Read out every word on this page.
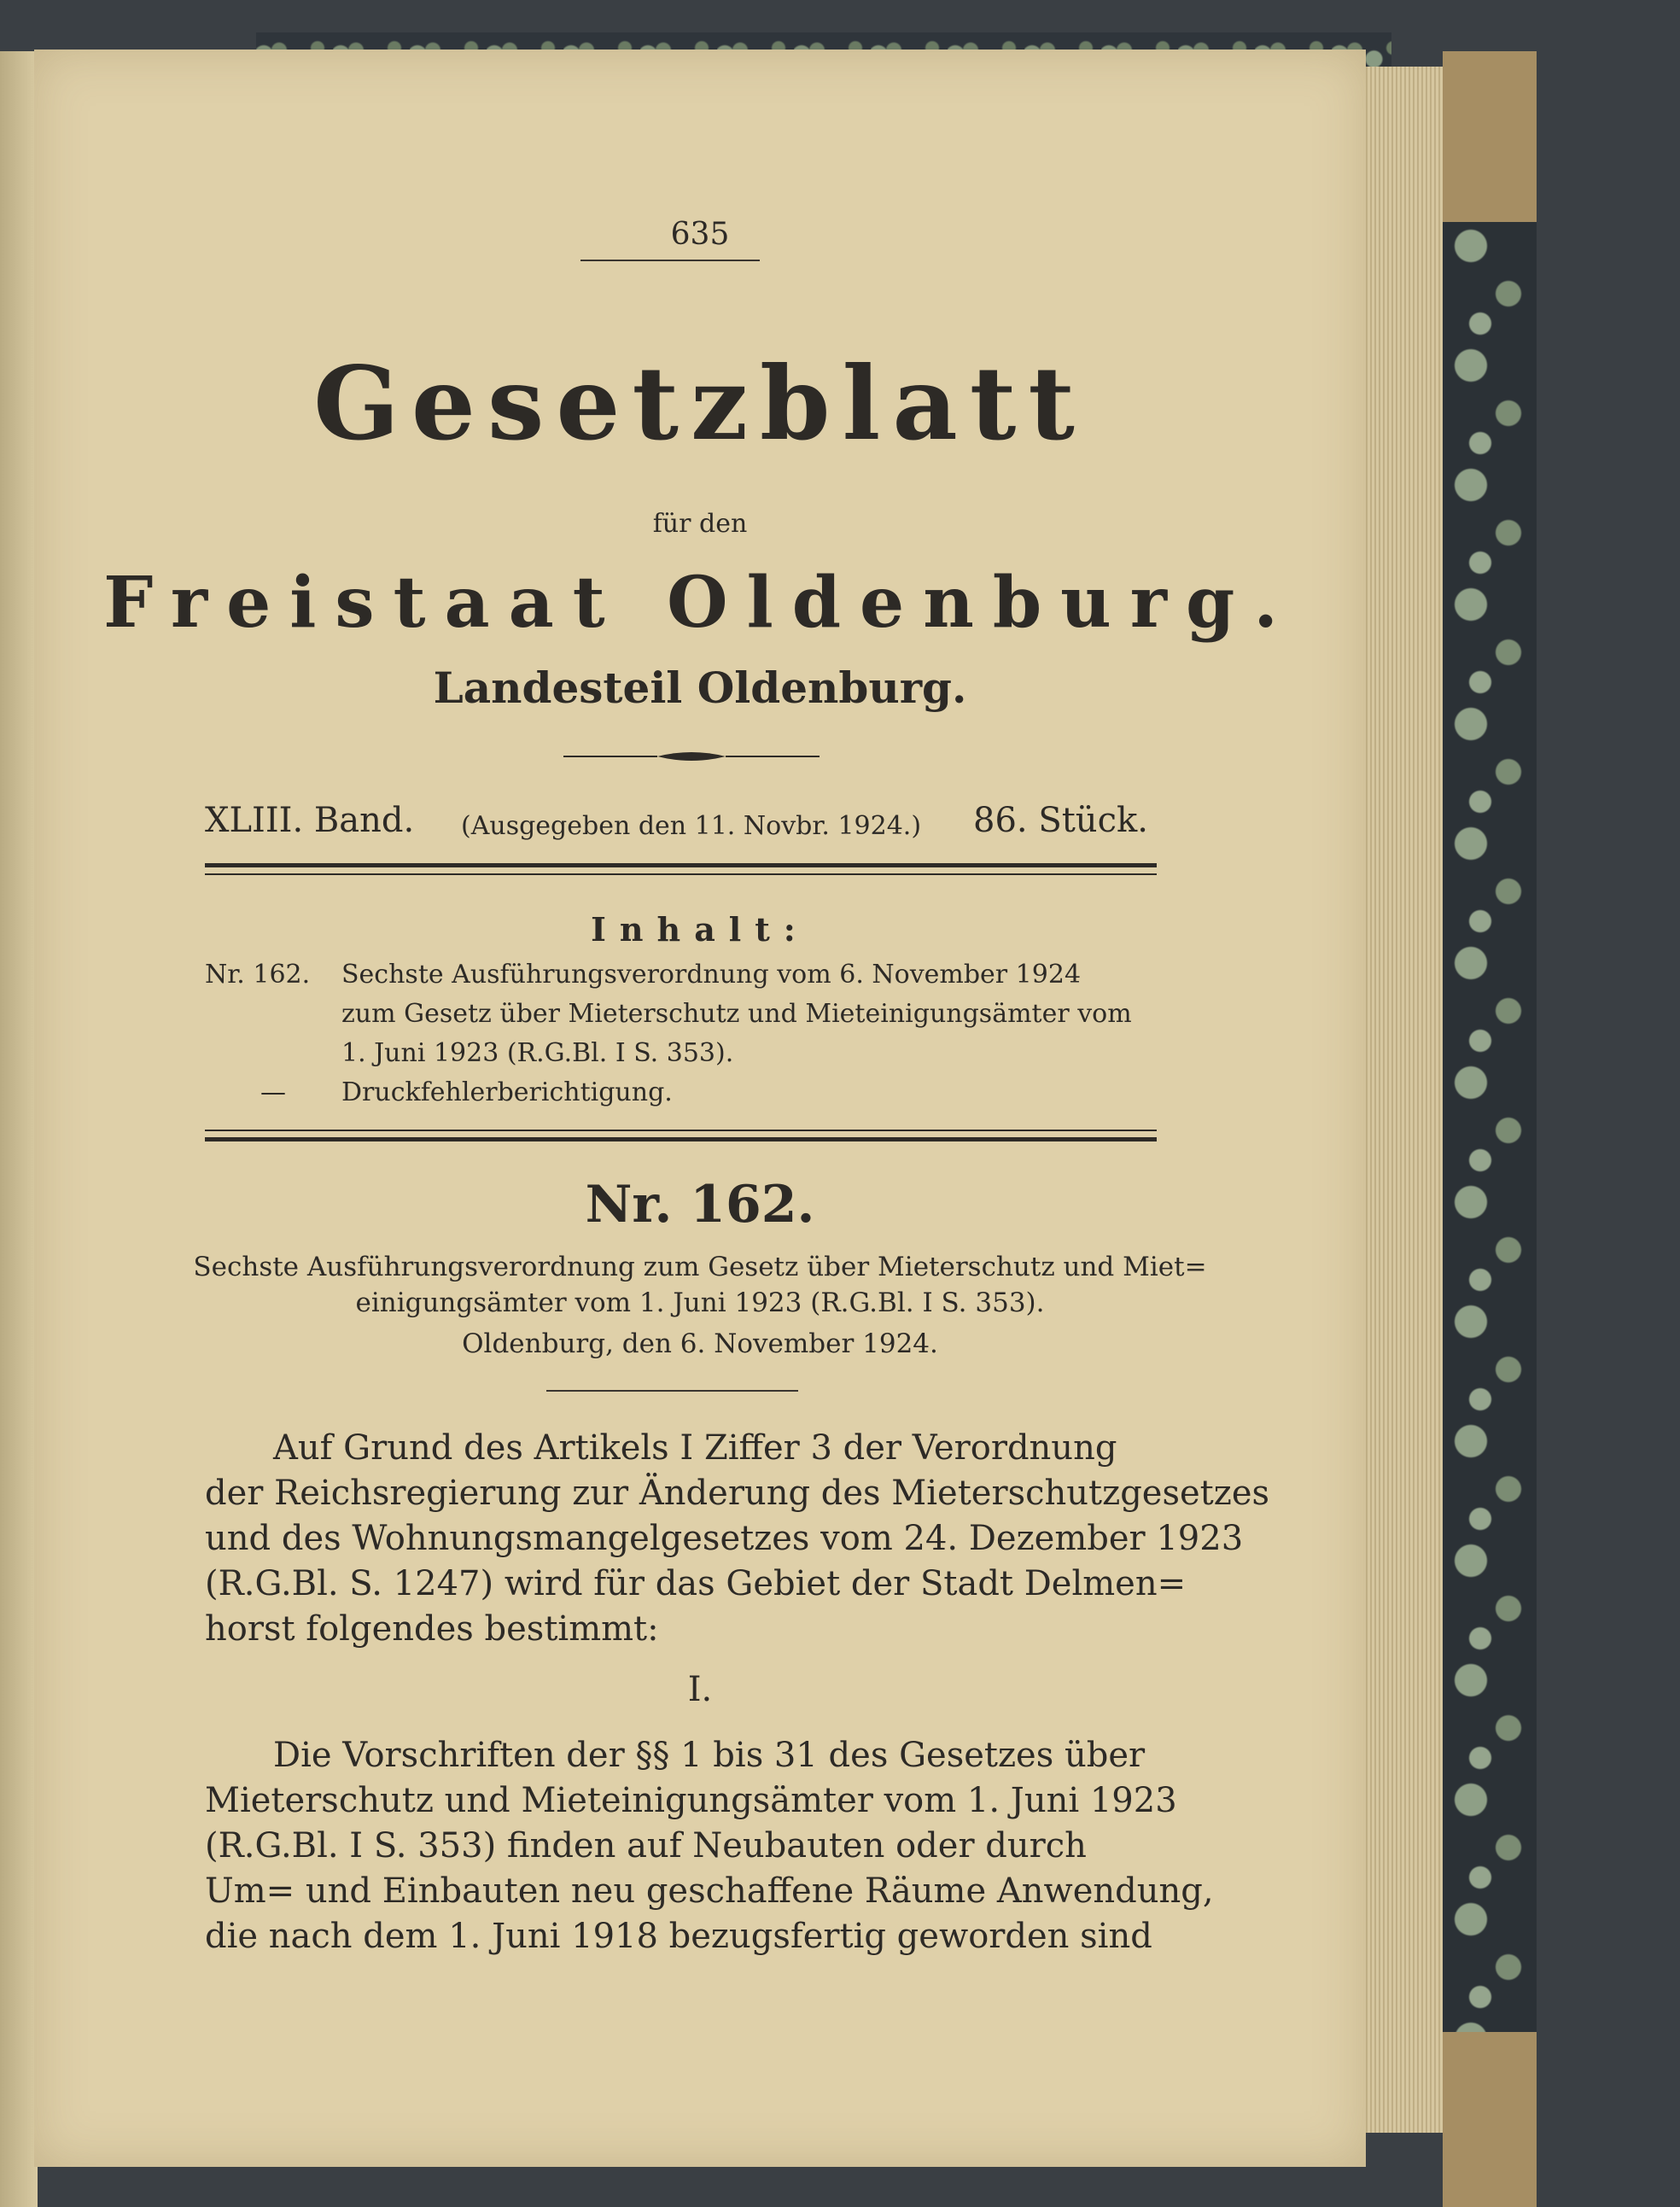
635
Gesetzblatt
für den
Freistaat Oldenburg.
Landesteil Oldenburg.
XLIII. Band. (Ausgegeben den 11. Novbr. 1924.) 86. Stück.
Inhalt:
Nr. 162. Sechste Ausführungsverordnung vom 6. November 1924
zum Gesetz über Mieterschutz und Mieteinigungsämter vom
1. Juni 1923 (R.G.Bl. I S. 353).
— Druckfehlerberichtigung.
Nr. 162.
Sechste Ausführungsverordnung zum Gesetz über Mieterschutz und Miet=
einigungsämter vom 1. Juni 1923 (R.G.Bl. I S. 353).
Oldenburg, den 6. November 1924.
Auf Grund des Artikels I Ziffer 3 der Verordnung
der Reichsregierung zur Änderung des Mieterschutzgesetzes
und des Wohnungsmangelgesetzes vom 24. Dezember 1923
(R.G.Bl. S. 1247) wird für das Gebiet der Stadt Delmen=
horst folgendes bestimmt:
I.
Die Vorschriften der §§ 1 bis 31 des Gesetzes über
Mieterschutz und Mieteinigungsämter vom 1. Juni 1923
(R.G.Bl. I S. 353) finden auf Neubauten oder durch
Um= und Einbauten neu geschaffene Räume Anwendung,
die nach dem 1. Juni 1918 bezugsfertig geworden sind
